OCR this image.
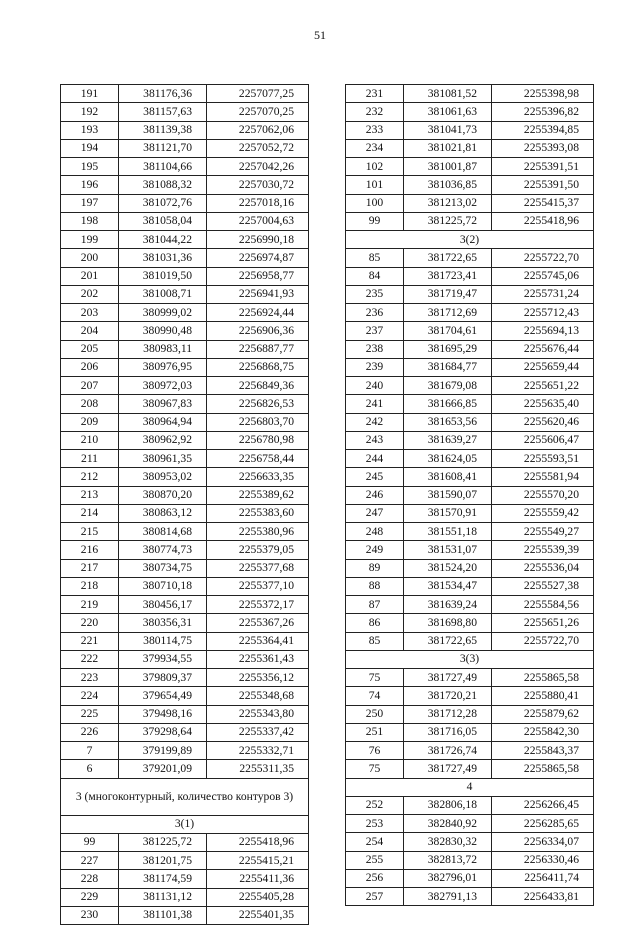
51
191	381176,36	2257077,25
192	381157,63	2257070,25
193	381139,38	2257062,06
194	381121,70	2257052,72
195	381104,66	2257042,26
196	381088,32	2257030,72
197	381072,76	2257018,16
198	381058,04	2257004,63
199	381044,22	2256990,18
200	381031,36	2256974,87
201	381019,50	2256958,77
202	381008,71	2256941,93
203	380999,02	2256924,44
204	380990,48	2256906,36
205	380983,11	2256887,77
206	380976,95	2256868,75
207	380972,03	2256849,36
208	380967,83	2256826,53
209	380964,94	2256803,70
210	380962,92	2256780,98
211	380961,35	2256758,44
212	380953,02	2256633,35
213	380870,20	2255389,62
214	380863,12	2255383,60
215	380814,68	2255380,96
216	380774,73	2255379,05
217	380734,75	2255377,68
218	380710,18	2255377,10
219	380456,17	2255372,17
220	380356,31	2255367,26
221	380114,75	2255364,41
222	379934,55	2255361,43
223	379809,37	2255356,12
224	379654,49	2255348,68
225	379498,16	2255343,80
226	379298,64	2255337,42
7	379199,89	2255332,71
6	379201,09	2255311,35
3 (многоконтурный, количество контуров 3)		
3(1)		
99	381225,72	2255418,96
227	381201,75	2255415,21
228	381174,59	2255411,36
229	381131,12	2255405,28
230	381101,38	2255401,35
231	381081,52	2255398,98
232	381061,63	2255396,82
233	381041,73	2255394,85
234	381021,81	2255393,08
102	381001,87	2255391,51
101	381036,85	2255391,50
100	381213,02	2255415,37
99	381225,72	2255418,96
3(2)		
85	381722,65	2255722,70
84	381723,41	2255745,06
235	381719,47	2255731,24
236	381712,69	2255712,43
237	381704,61	2255694,13
238	381695,29	2255676,44
239	381684,77	2255659,44
240	381679,08	2255651,22
241	381666,85	2255635,40
242	381653,56	2255620,46
243	381639,27	2255606,47
244	381624,05	2255593,51
245	381608,41	2255581,94
246	381590,07	2255570,20
247	381570,91	2255559,42
248	381551,18	2255549,27
249	381531,07	2255539,39
89	381524,20	2255536,04
88	381534,47	2255527,38
87	381639,24	2255584,56
86	381698,80	2255651,26
85	381722,65	2255722,70
3(3)		
75	381727,49	2255865,58
74	381720,21	2255880,41
250	381712,28	2255879,62
251	381716,05	2255842,30
76	381726,74	2255843,37
75	381727,49	2255865,58
4		
252	382806,18	2256266,45
253	382840,92	2256285,65
254	382830,32	2256334,07
255	382813,72	2256330,46
256	382796,01	2256411,74
257	382791,13	2256433,81
